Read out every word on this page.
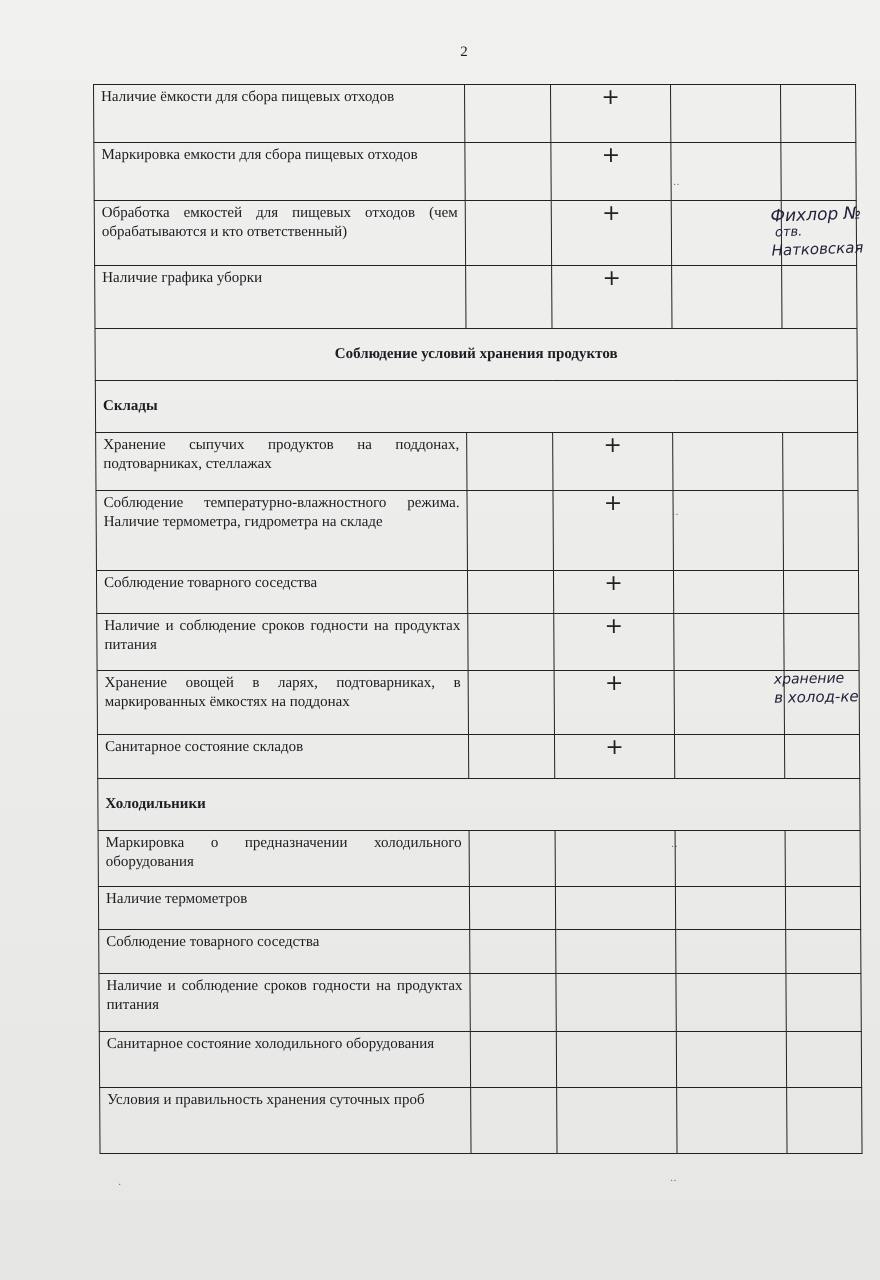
2
Наличие ёмкости для сбора пищевых отходов		+		
Маркировка емкости для сбора пищевых отходов		+		
Обработка емкостей для пищевых отходов (чем обрабатываются и кто ответственный)		+		
Наличие графика уборки		+		
Соблюдение условий хранения продуктов				
Склады				
Хранение сыпучих продуктов на поддонах, подтоварниках, стеллажах		+		
Соблюдение температурно-влажностного режима. Наличие термометра, гидрометра на складе		+		
Соблюдение товарного соседства		+		
Наличие и соблюдение сроков годности на продуктах питания		+		
Хранение овощей в ларях, подтоварниках, в маркированных ёмкостях на поддонах		+		
Санитарное состояние складов		+		
Холодильники				
Маркировка о предназначении холодильного оборудования				
Наличие термометров				
Соблюдение товарного соседства				
Наличие и соблюдение сроков годности на продуктах питания				
Санитарное состояние холодильного оборудования				
Условия и правильность хранения суточных проб				
Фихлор №
отв.
Натковская
хранение
в холод-ке
··
··
··
··
·
